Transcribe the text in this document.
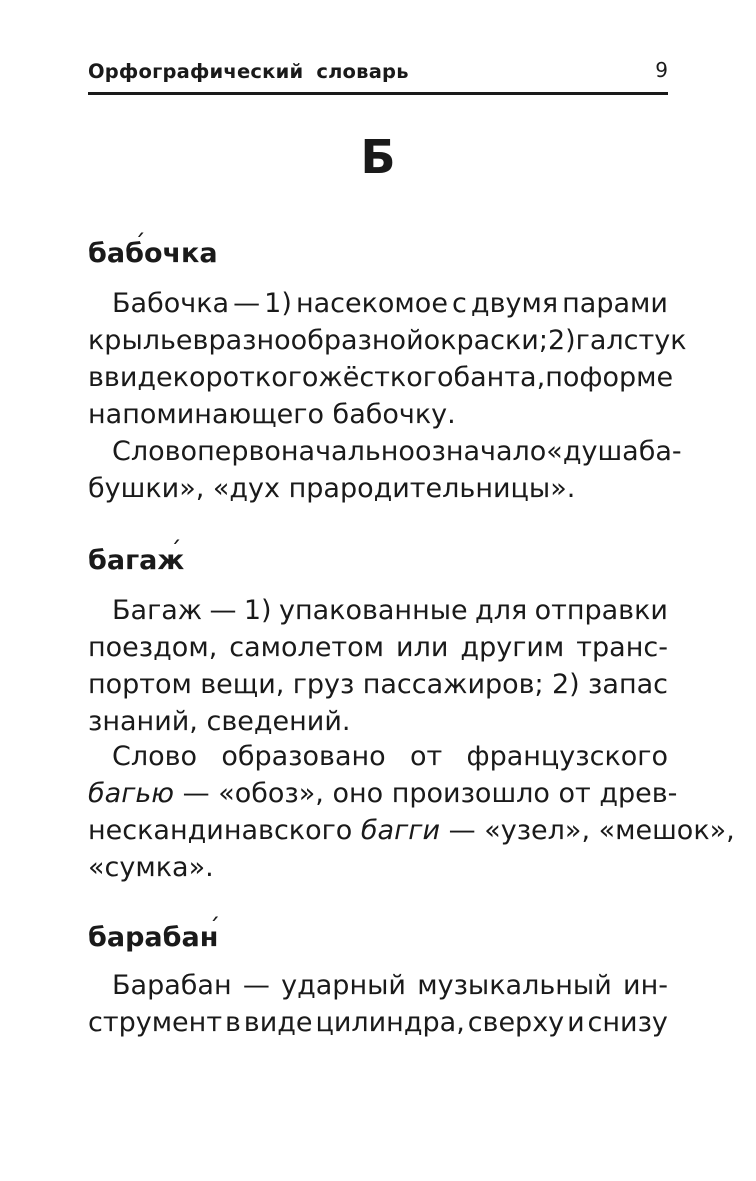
Орфографический словарь	9
Б
баб ´очка
Бабочка — 1) насекомое с двумя парами
крыльев разнообразной окраски; 2) галстук
в виде короткого жёсткого банта, по форме
напоминающего бабочку.
Слово первоначально означало «душа ба-
бушки», «дух прародительницы».
багаж ´
Багаж — 1) упакованные для отправки
поездом, самолетом или другим транс-
портом вещи, груз пассажиров; 2) запас
знаний, сведений.
Слово образовано от французского
багью — «обоз», оно произошло от древ-
нескандинавского багги — «узел», «мешок»,
«сумка».
барабан ´
Барабан — ударный музыкальный ин-
струмент в виде цилиндра, сверху и снизу
